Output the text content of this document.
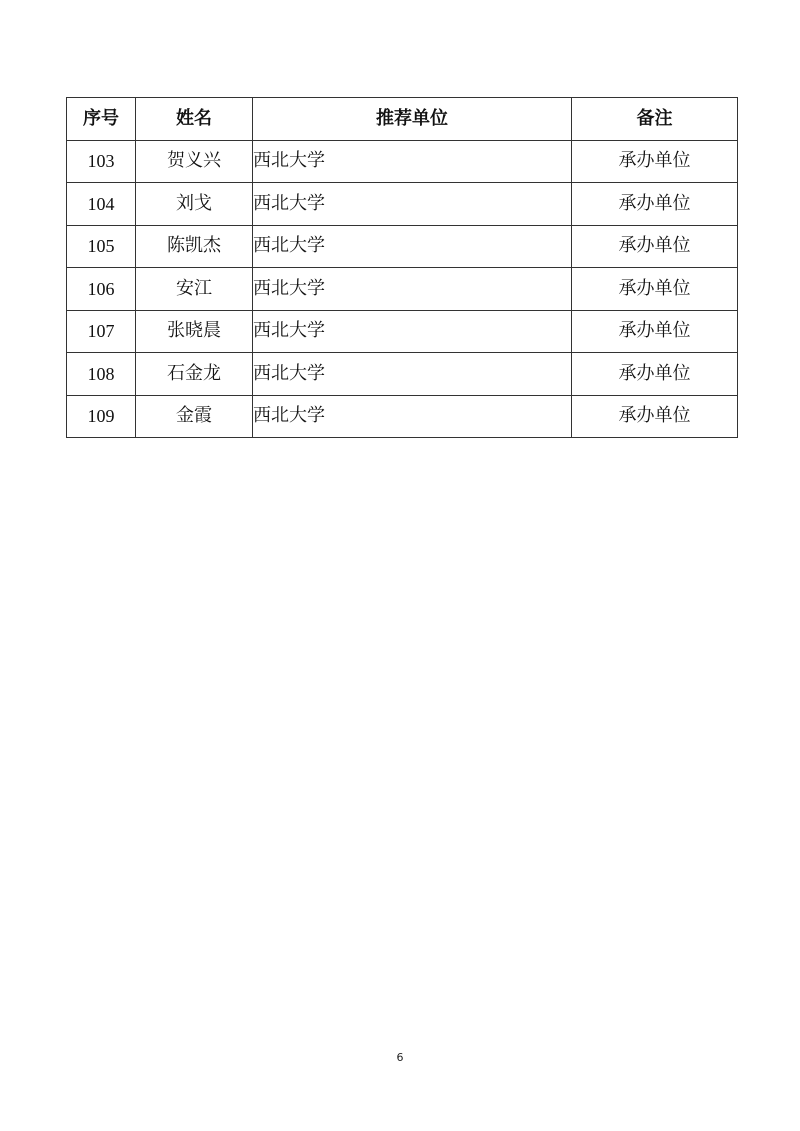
序号	姓名	推荐单位	备注
103	贺义兴	西北大学	承办单位
104	刘戈	西北大学	承办单位
105	陈凯杰	西北大学	承办单位
106	安江	西北大学	承办单位
107	张晓晨	西北大学	承办单位
108	石金龙	西北大学	承办单位
109	金霞	西北大学	承办单位
6
